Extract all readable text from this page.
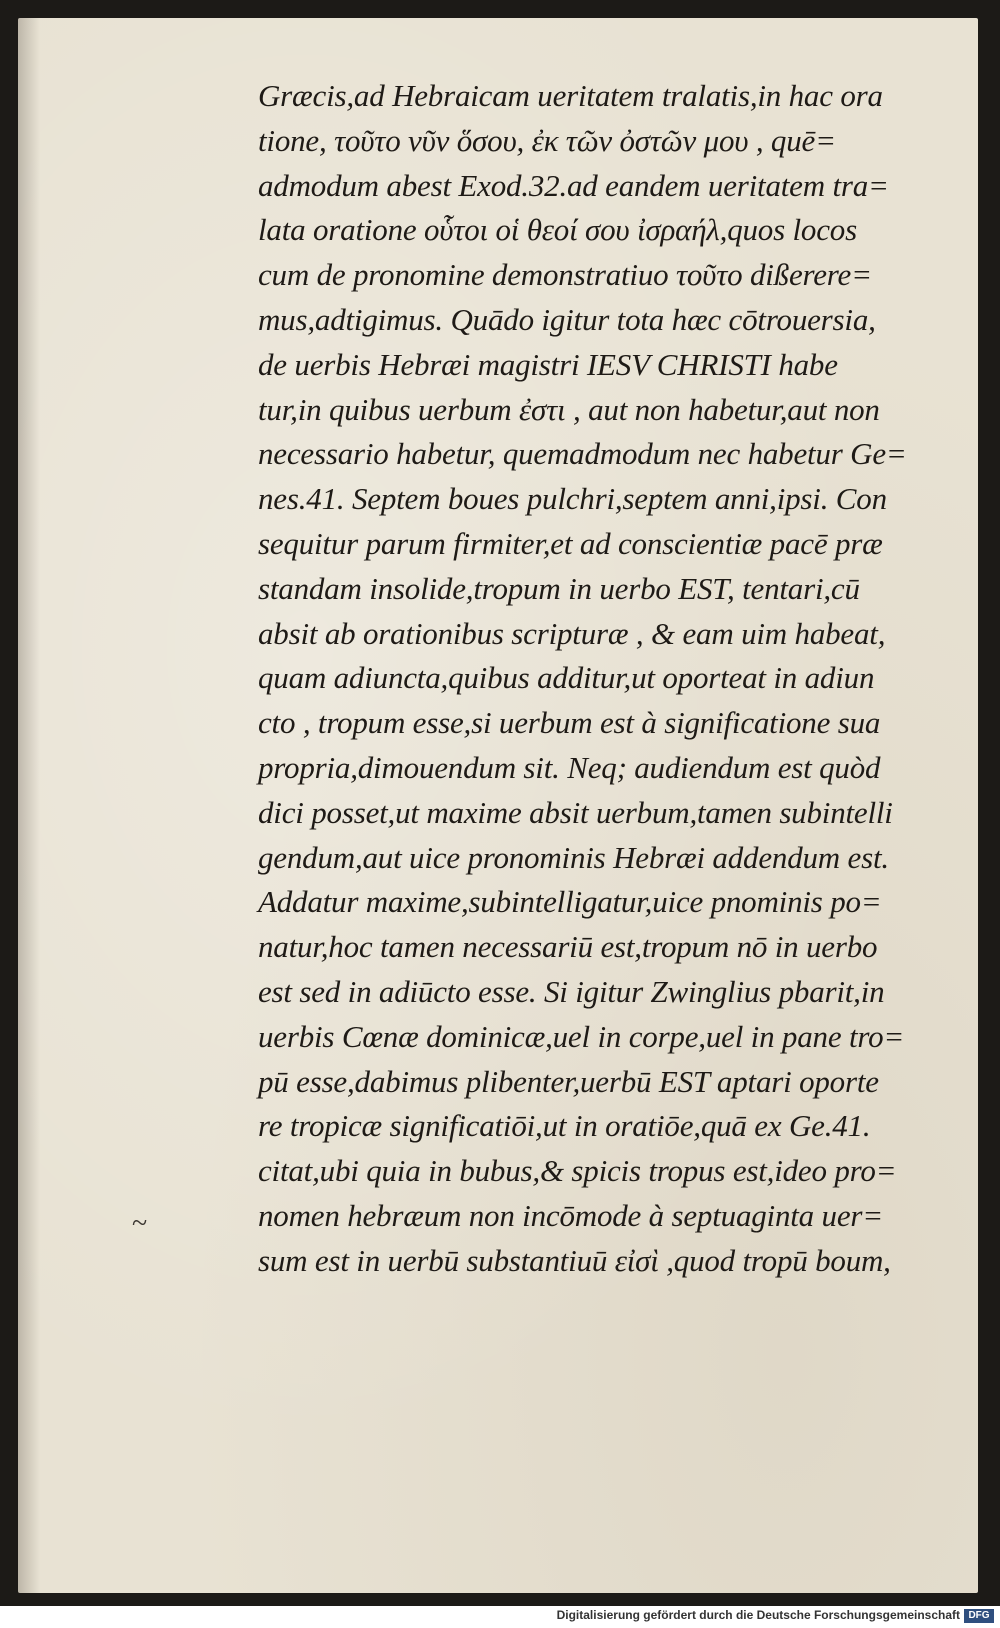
Græcis,ad Hebraicam ueritatem tralatis,in hac ora
tione, τοῦτο νῦν ὅσου, ἐκ τῶν ὀστῶν μου , quē=
admodum abest Exod.32.ad eandem ueritatem tra=
lata oratione οὗτοι οἱ θεοί σου ἰσραήλ,quos locos
cum de pronomine demonstratiuo τοῦτο dißerere=
mus,adtigimus. Quādo igitur tota hæc cōtrouersia,
de uerbis Hebræi magistri IESV CHRISTI habe
tur,in quibus uerbum ἐστι , aut non habetur,aut non
necessario habetur, quemadmodum nec habetur Ge=
nes.41. Septem boues pulchri,septem anni,ipsi. Con
sequitur parum firmiter,et ad conscientiæ pacē præ
standam insolide,tropum in uerbo EST, tentari,cū
absit ab orationibus scripturæ , & eam uim habeat,
quam adiuncta,quibus additur,ut oporteat in adiun
cto , tropum esse,si uerbum est à significatione sua
propria,dimouendum sit. Neq; audiendum est quòd
dici posset,ut maxime absit uerbum,tamen subintelli
gendum,aut uice pronominis Hebræi addendum est.
Addatur maxime,subintelligatur,uice pnominis po=
natur,hoc tamen necessariū est,tropum nō in uerbo
est sed in adiūcto esse. Si igitur Zwinglius pbarit,in
uerbis Cœnæ dominicæ,uel in corpe,uel in pane tro=
pū esse,dabimus plibenter,uerbū EST aptari oporte
re tropicæ significatiōi,ut in oratiōe,quā ex Ge.41.
citat,ubi quia in bubus,& spicis tropus est,ideo pro=
nomen hebræum non incōmode à septuaginta uer=
sum est in uerbū substantiuū εἰσὶ ,quod tropū boum,
~
Digitalisierung gefördert durch die Deutsche Forschungsgemeinschaft DFG
